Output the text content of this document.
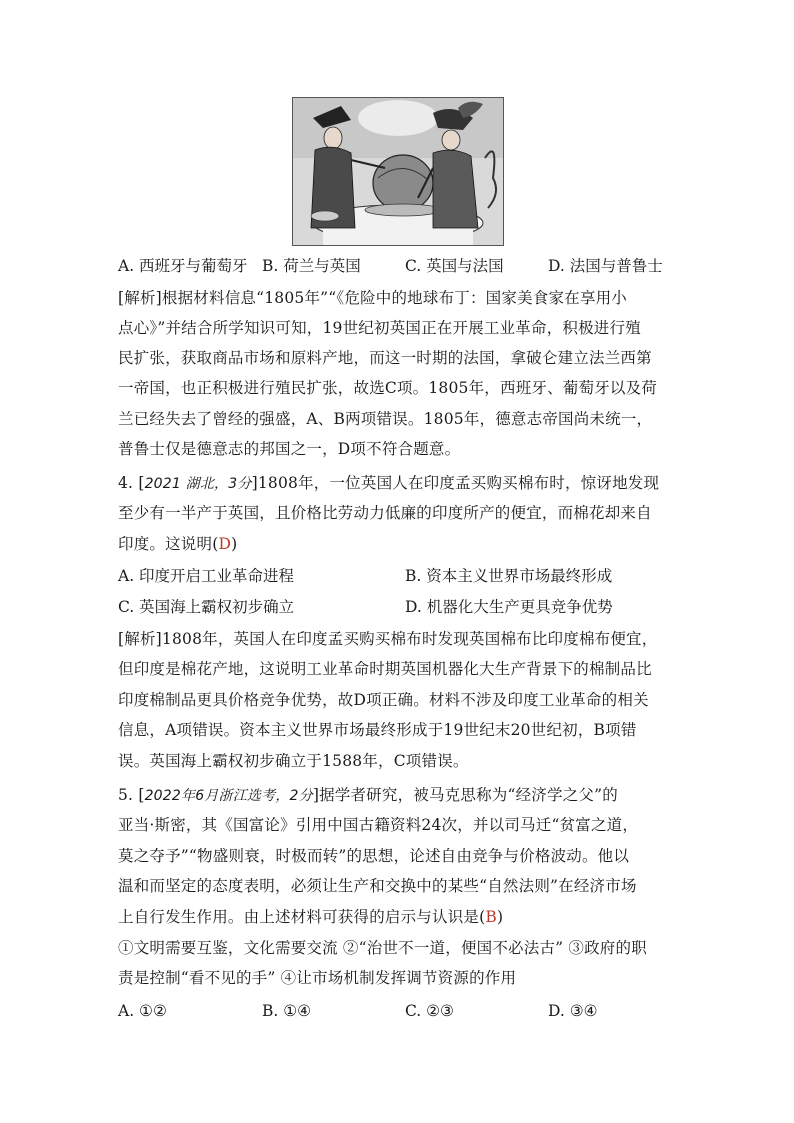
A. 西班牙与葡萄牙 B. 荷兰与英国	C. 英国与法国	D. 法国与普鲁士
[解析]根据材料信息“1805年”“《危险中的地球布丁：国家美食家在享用小
点心》”并结合所学知识可知，19世纪初英国正在开展工业革命，积极进行殖
民扩张，获取商品市场和原料产地，而这一时期的法国，拿破仑建立法兰西第
一帝国，也正积极进行殖民扩张，故选C项。1805年，西班牙、葡萄牙以及荷
兰已经失去了曾经的强盛，A、B两项错误。1805年，德意志帝国尚未统一，
普鲁士仅是德意志的邦国之一，D项不符合题意。
4. [2021 湖北，3分]1808年，一位英国人在印度孟买购买棉布时，惊讶地发现
至少有一半产于英国，且价格比劳动力低廉的印度所产的便宜，而棉花却来自
印度。这说明(D)
A. 印度开启工业革命进程	B. 资本主义世界市场最终形成
C. 英国海上霸权初步确立	D. 机器化大生产更具竞争优势
[解析]1808年，英国人在印度孟买购买棉布时发现英国棉布比印度棉布便宜，
但印度是棉花产地，这说明工业革命时期英国机器化大生产背景下的棉制品比
印度棉制品更具价格竞争优势，故D项正确。材料不涉及印度工业革命的相关
信息，A项错误。资本主义世界市场最终形成于19世纪末20世纪初，B项错
误。英国海上霸权初步确立于1588年，C项错误。
5. [2022年6月浙江选考，2分]据学者研究，被马克思称为“经济学之父”的
亚当·斯密，其《国富论》引用中国古籍资料24次，并以司马迁“贫富之道，
莫之夺予”“物盛则衰，时极而转”的思想，论述自由竞争与价格波动。他以
温和而坚定的态度表明，必须让生产和交换中的某些“自然法则”在经济市场
上自行发生作用。由上述材料可获得的启示与认识是(B)
①文明需要互鉴，文化需要交流 ②“治世不一道，便国不必法古” ③政府的职
责是控制“看不见的手” ④让市场机制发挥调节资源的作用
A. ①②	B. ①④	C. ②③	D. ③④
